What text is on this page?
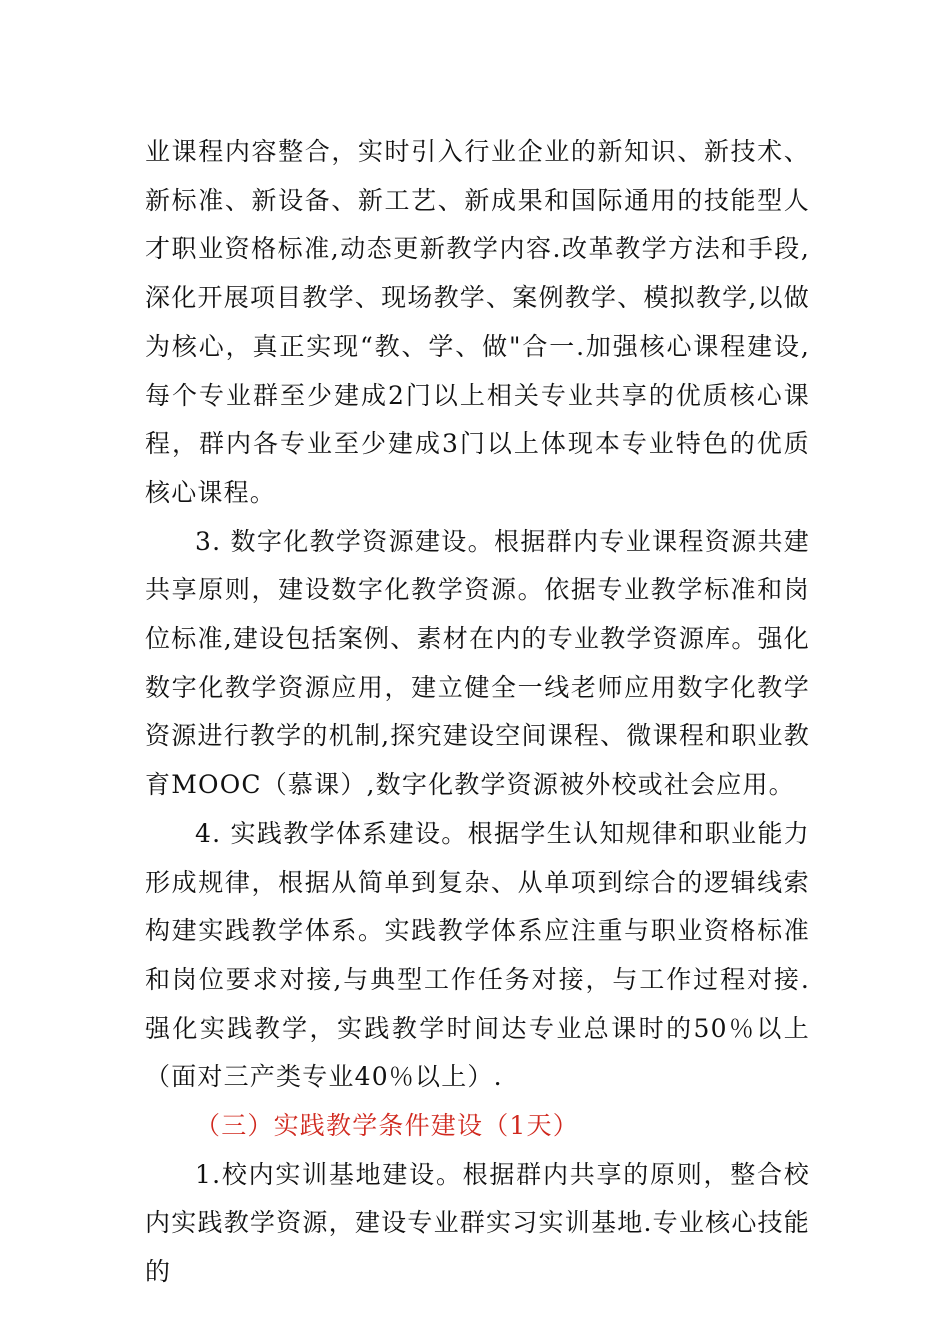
业课程内容整合，实时引入行业企业的新知识、新技术、新标准、新设备、新工艺、新成果和国际通用的技能型人才职业资格标准,动态更新教学内容.改革教学方法和手段,深化开展项目教学、现场教学、案例教学、模拟教学,以做为核心，真正实现“教、学、做"合一.加强核心课程建设,每个专业群至少建成2门以上相关专业共享的优质核心课程，群内各专业至少建成3门以上体现本专业特色的优质核心课程。

3. 数字化教学资源建设。根据群内专业课程资源共建共享原则，建设数字化教学资源。依据专业教学标准和岗位标准,建设包括案例、素材在内的专业教学资源库。强化数字化教学资源应用，建立健全一线老师应用数字化教学资源进行教学的机制,探究建设空间课程、微课程和职业教育MOOC（慕课）,数字化教学资源被外校或社会应用。

4. 实践教学体系建设。根据学生认知规律和职业能力形成规律，根据从简单到复杂、从单项到综合的逻辑线索构建实践教学体系。实践教学体系应注重与职业资格标准和岗位要求对接,与典型工作任务对接，与工作过程对接.强化实践教学，实践教学时间达专业总课时的50％以上（面对三产类专业40％以上）.

（三）实践教学条件建设（1天）

1.校内实训基地建设。根据群内共享的原则，整合校内实践教学资源，建设专业群实习实训基地.专业核心技能的
